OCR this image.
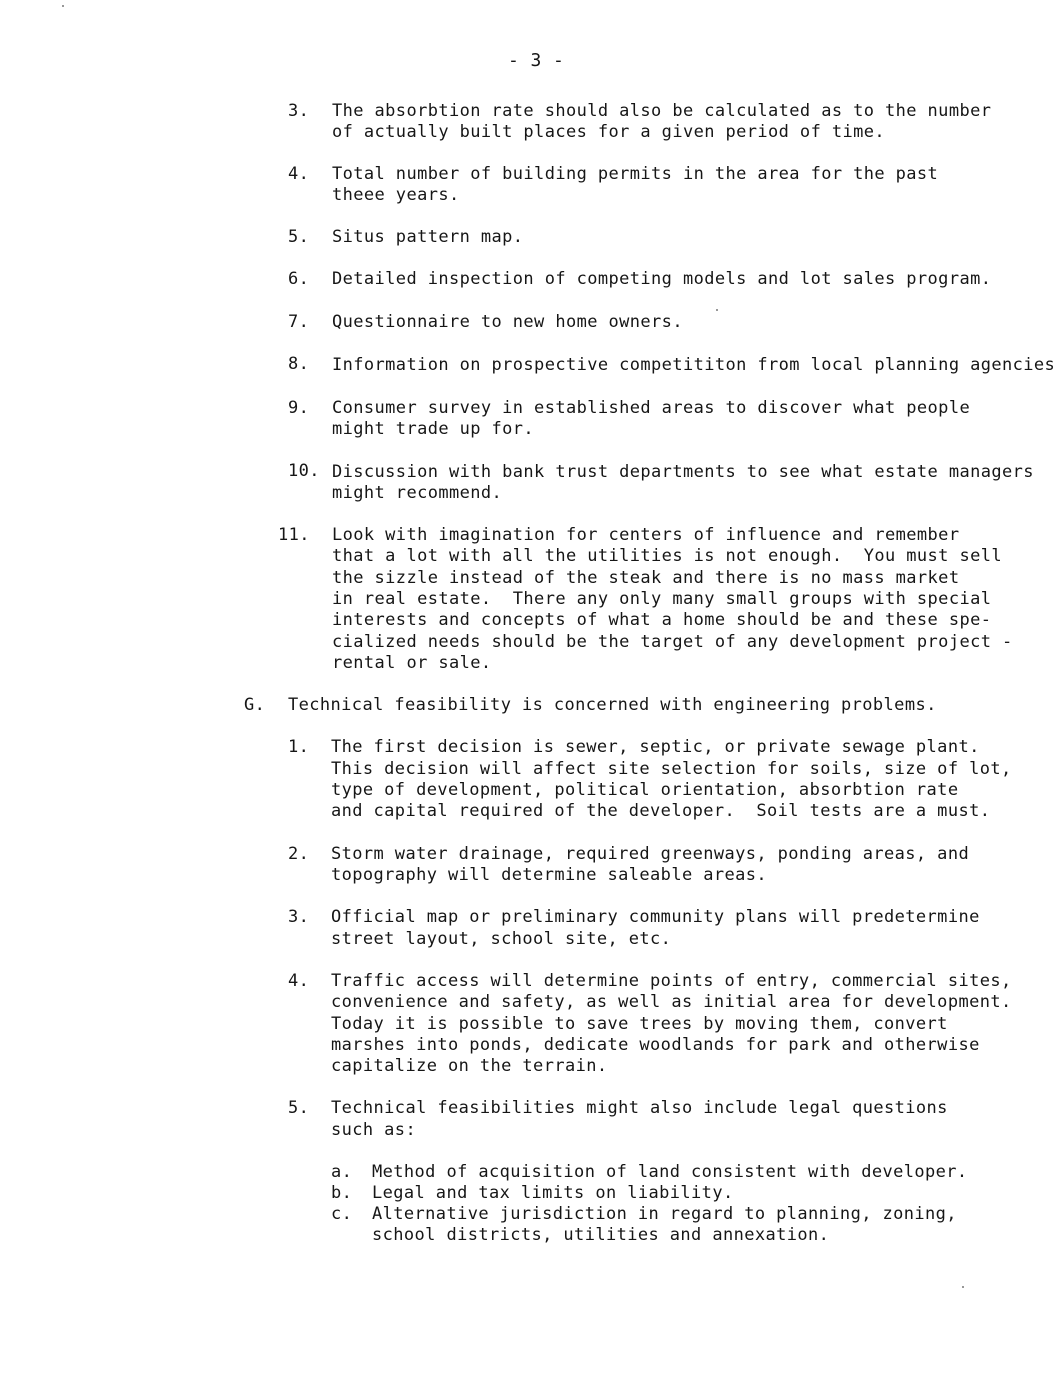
- 3 -
3. The absorbtion rate should also be calculated as to the number
of actually built places for a given period of time.
4. Total number of building permits in the area for the past
theee years.
5. Situs pattern map.
6. Detailed inspection of competing models and lot sales program.
7. Questionnaire to new home owners.
8. Information on prospective competititon from local planning agencies
9. Consumer survey in established areas to discover what people
might trade up for.
10. Discussion with bank trust departments to see what estate managers
might recommend.
11. Look with imagination for centers of influence and remember
that a lot with all the utilities is not enough.  You must sell
the sizzle instead of the steak and there is no mass market
in real estate.  There any only many small groups with special
interests and concepts of what a home should be and these spe-
cialized needs should be the target of any development project -
rental or sale.
G. Technical feasibility is concerned with engineering problems.
1. The first decision is sewer, septic, or private sewage plant.
This decision will affect site selection for soils, size of lot,
type of development, political orientation, absorbtion rate
and capital required of the developer.  Soil tests are a must.
2. Storm water drainage, required greenways, ponding areas, and
topography will determine saleable areas.
3. Official map or preliminary community plans will predetermine
street layout, school site, etc.
4. Traffic access will determine points of entry, commercial sites,
convenience and safety, as well as initial area for development.
Today it is possible to save trees by moving them, convert
marshes into ponds, dedicate woodlands for park and otherwise
capitalize on the terrain.
5. Technical feasibilities might also include legal questions
such as:
a. Method of acquisition of land consistent with developer.
b. Legal and tax limits on liability.
c. Alternative jurisdiction in regard to planning, zoning,
school districts, utilities and annexation.
